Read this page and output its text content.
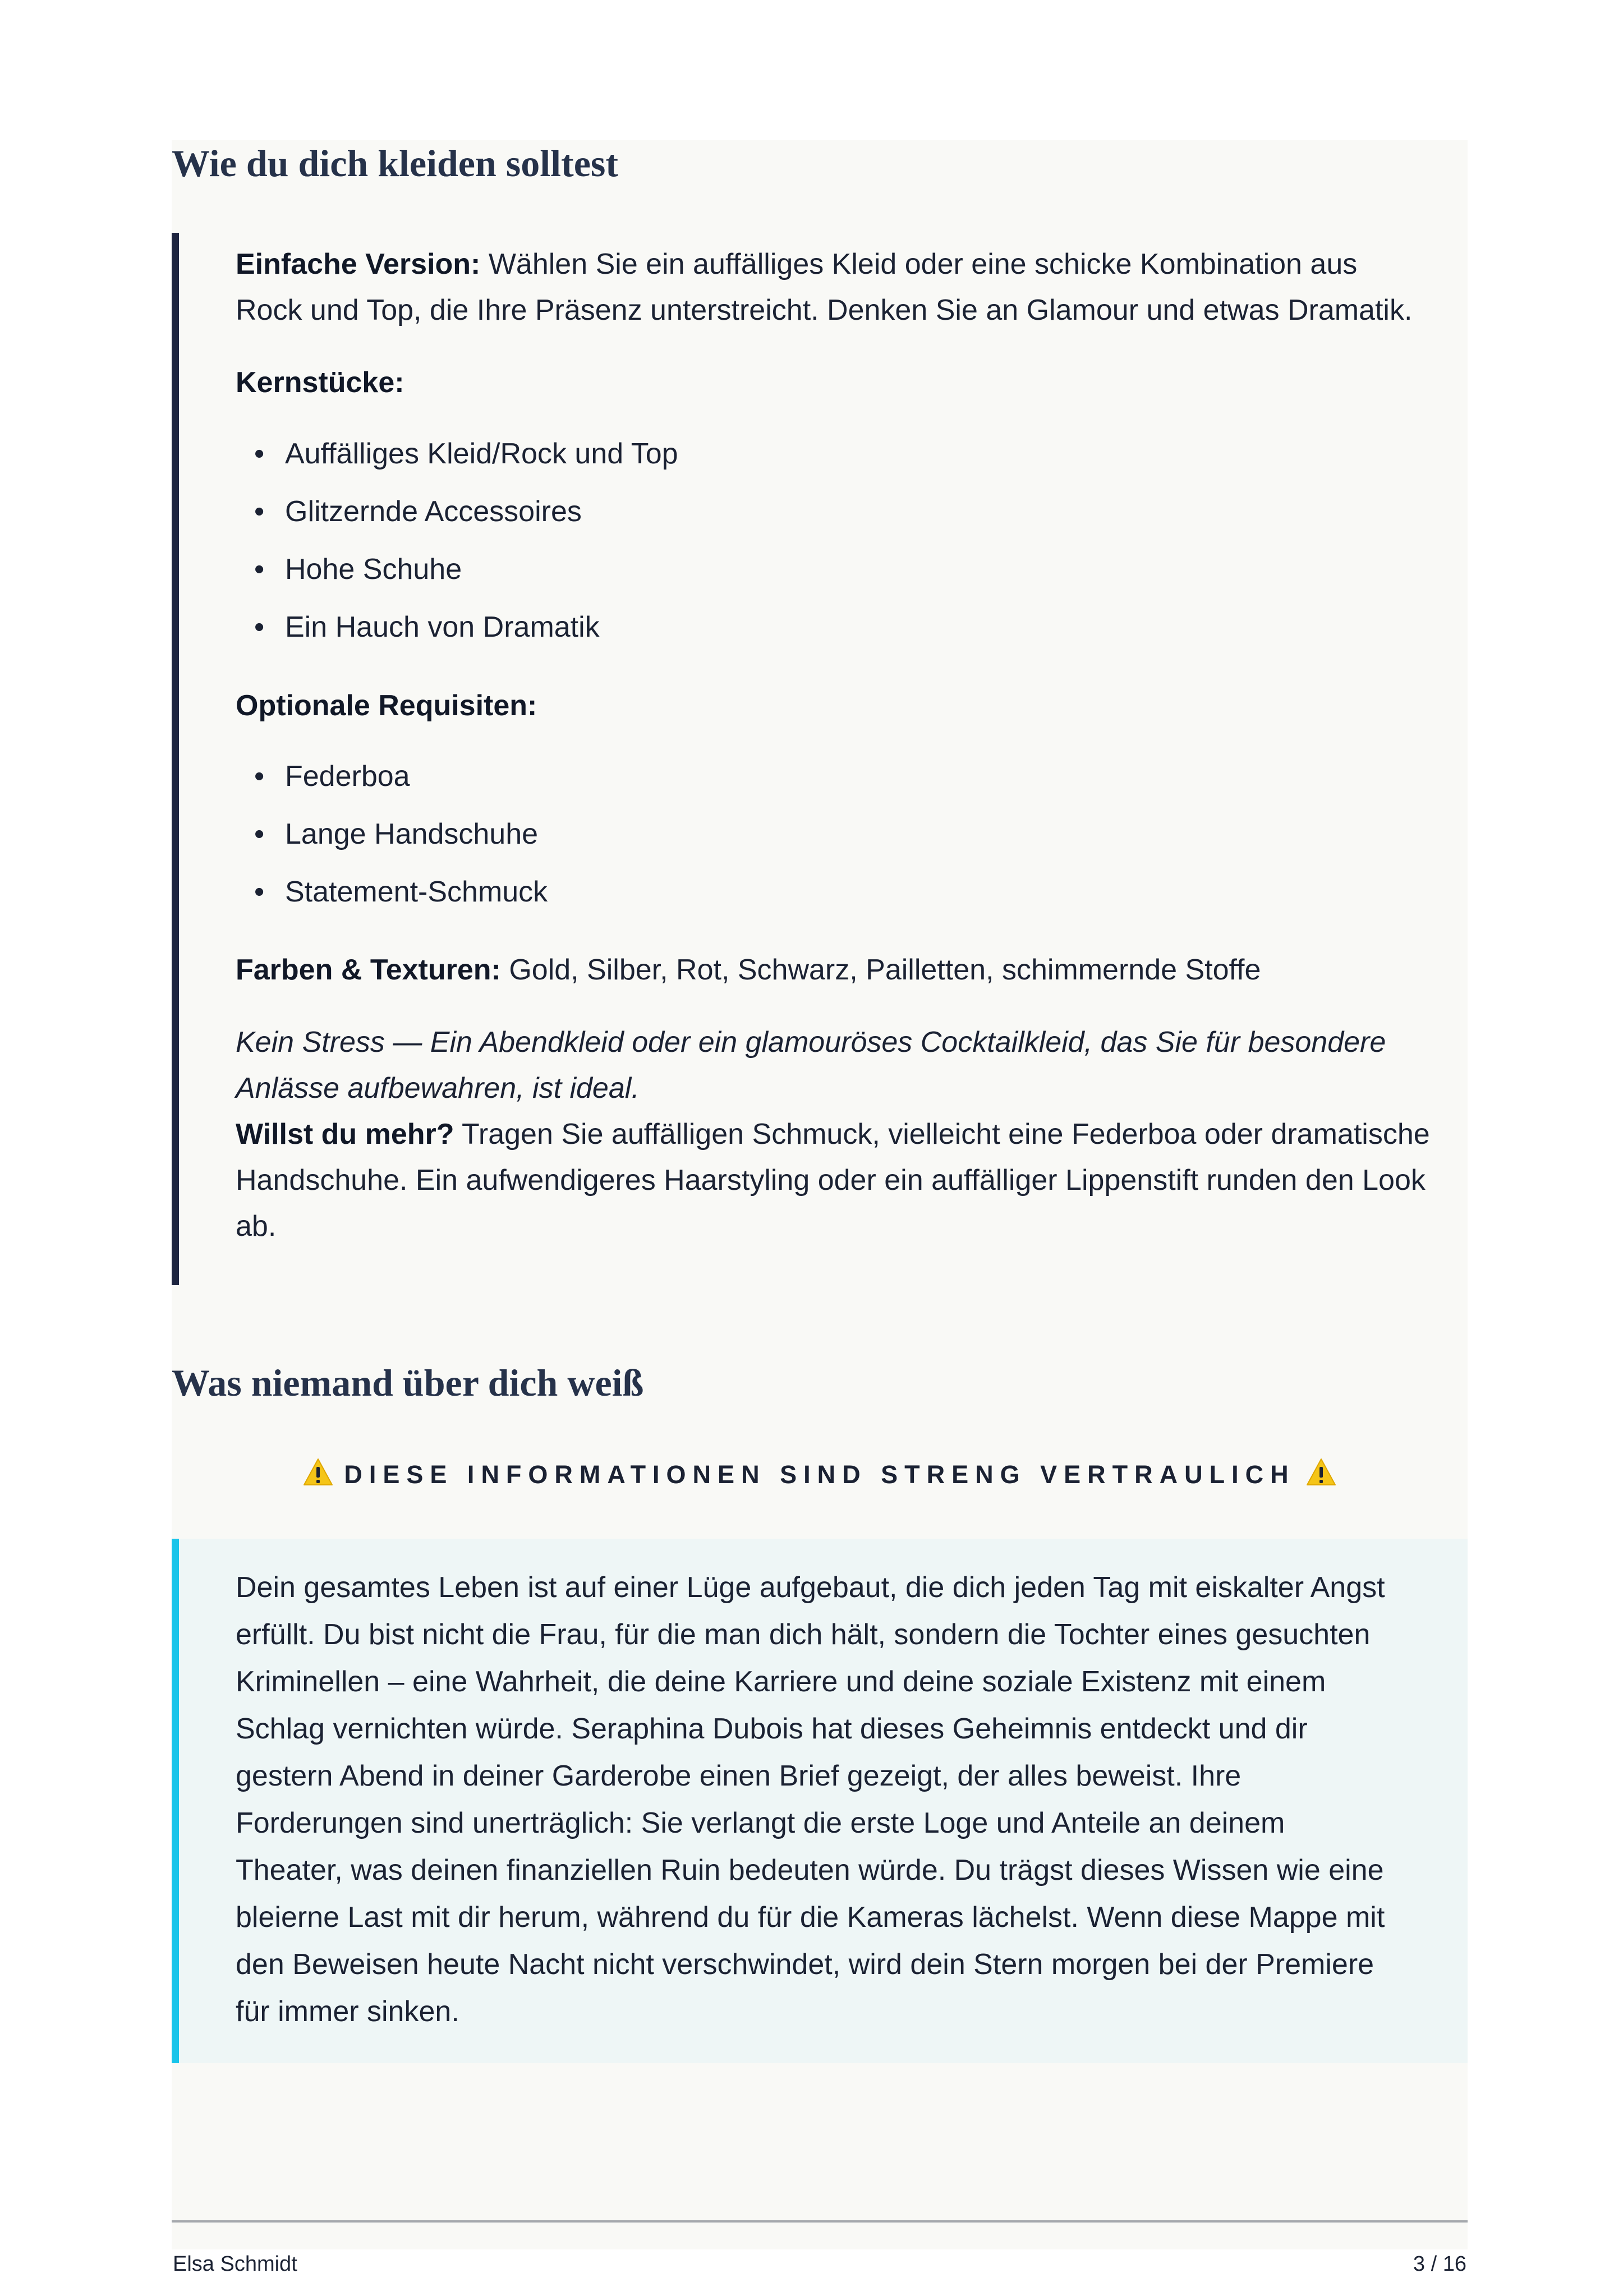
Wie du dich kleiden solltest

Einfache Version: Wählen Sie ein auffälliges Kleid oder eine schicke Kombination aus
Rock und Top, die Ihre Präsenz unterstreicht. Denken Sie an Glamour und etwas Dramatik.

Kernstücke:

• Auffälliges Kleid/Rock und Top
• Glitzernde Accessoires
• Hohe Schuhe
• Ein Hauch von Dramatik

Optionale Requisiten:

• Federboa
• Lange Handschuhe
• Statement-Schmuck

Farben & Texturen: Gold, Silber, Rot, Schwarz, Pailletten, schimmernde Stoffe

Kein Stress — Ein Abendkleid oder ein glamouröses Cocktailkleid, das Sie für besondere
Anlässe aufbewahren, ist ideal.

Willst du mehr? Tragen Sie auffälligen Schmuck, vielleicht eine Federboa oder dramatische
Handschuhe. Ein aufwendigeres Haarstyling oder ein auffälliger Lippenstift runden den Look
ab.

Was niemand über dich weiß
DIESE INFORMATIONEN SIND STRENG VERTRAULICH

Dein gesamtes Leben ist auf einer Lüge aufgebaut, die dich jeden Tag mit eiskalter Angst
erfüllt. Du bist nicht die Frau, für die man dich hält, sondern die Tochter eines gesuchten
Kriminellen – eine Wahrheit, die deine Karriere und deine soziale Existenz mit einem
Schlag vernichten würde. Seraphina Dubois hat dieses Geheimnis entdeckt und dir
gestern Abend in deiner Garderobe einen Brief gezeigt, der alles beweist. Ihre
Forderungen sind unerträglich: Sie verlangt die erste Loge und Anteile an deinem
Theater, was deinen finanziellen Ruin bedeuten würde. Du trägst dieses Wissen wie eine
bleierne Last mit dir herum, während du für die Kameras lächelst. Wenn diese Mappe mit
den Beweisen heute Nacht nicht verschwindet, wird dein Stern morgen bei der Premiere
für immer sinken.

Elsa Schmidt	3 / 16
